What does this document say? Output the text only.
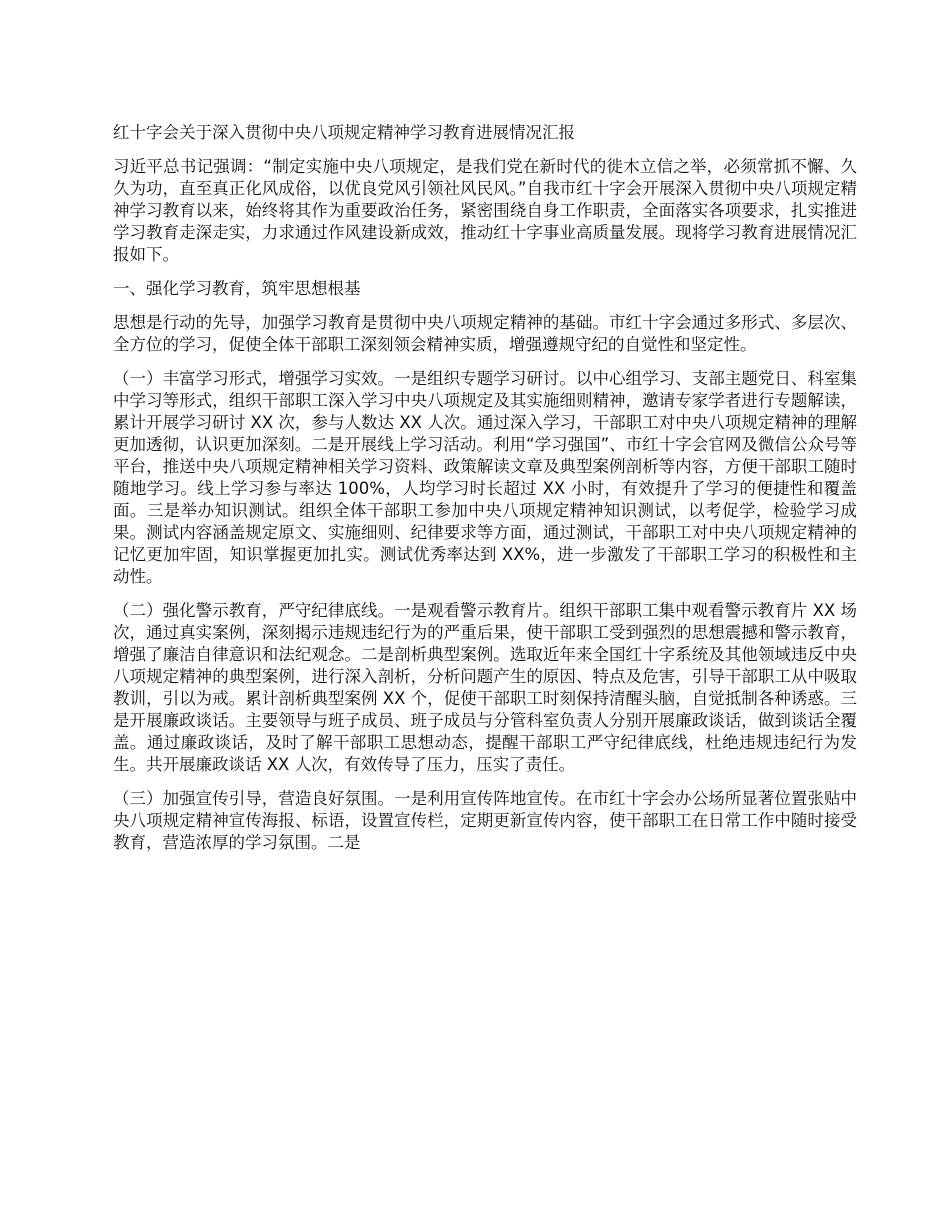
红十字会关于深入贯彻中央八项规定精神学习教育进展情况汇报

习近平总书记强调：“制定实施中央八项规定，是我们党在新时代的徙木立信之举，必须常抓不懈、久久为功，直至真正化风成俗，以优良党风引领社风民风。”自我市红十字会开展深入贯彻中央八项规定精神学习教育以来，始终将其作为重要政治任务，紧密围绕自身工作职责，全面落实各项要求，扎实推进学习教育走深走实，力求通过作风建设新成效，推动红十字事业高质量发展。现将学习教育进展情况汇报如下。

一、强化学习教育，筑牢思想根基

思想是行动的先导，加强学习教育是贯彻中央八项规定精神的基础。市红十字会通过多形式、多层次、全方位的学习，促使全体干部职工深刻领会精神实质，增强遵规守纪的自觉性和坚定性。

（一）丰富学习形式，增强学习实效。一是组织专题学习研讨。以中心组学习、支部主题党日、科室集中学习等形式，组织干部职工深入学习中央八项规定及其实施细则精神，邀请专家学者进行专题解读，累计开展学习研讨 XX 次，参与人数达 XX 人次。通过深入学习，干部职工对中央八项规定精神的理解更加透彻，认识更加深刻。二是开展线上学习活动。利用“学习强国”、市红十字会官网及微信公众号等平台，推送中央八项规定精神相关学习资料、政策解读文章及典型案例剖析等内容，方便干部职工随时随地学习。线上学习参与率达 100%，人均学习时长超过 XX 小时，有效提升了学习的便捷性和覆盖面。三是举办知识测试。组织全体干部职工参加中央八项规定精神知识测试，以考促学，检验学习成果。测试内容涵盖规定原文、实施细则、纪律要求等方面，通过测试，干部职工对中央八项规定精神的记忆更加牢固，知识掌握更加扎实。测试优秀率达到 XX%，进一步激发了干部职工学习的积极性和主动性。

（二）强化警示教育，严守纪律底线。一是观看警示教育片。组织干部职工集中观看警示教育片 XX 场次，通过真实案例，深刻揭示违规违纪行为的严重后果，使干部职工受到强烈的思想震撼和警示教育，增强了廉洁自律意识和法纪观念。二是剖析典型案例。选取近年来全国红十字系统及其他领域违反中央八项规定精神的典型案例，进行深入剖析，分析问题产生的原因、特点及危害，引导干部职工从中吸取教训，引以为戒。累计剖析典型案例 XX 个，促使干部职工时刻保持清醒头脑，自觉抵制各种诱惑。三是开展廉政谈话。主要领导与班子成员、班子成员与分管科室负责人分别开展廉政谈话，做到谈话全覆盖。通过廉政谈话，及时了解干部职工思想动态，提醒干部职工严守纪律底线，杜绝违规违纪行为发生。共开展廉政谈话 XX 人次，有效传导了压力，压实了责任。

（三）加强宣传引导，营造良好氛围。一是利用宣传阵地宣传。在市红十字会办公场所显著位置张贴中央八项规定精神宣传海报、标语，设置宣传栏，定期更新宣传内容，使干部职工在日常工作中随时接受教育，营造浓厚的学习氛围。二是
